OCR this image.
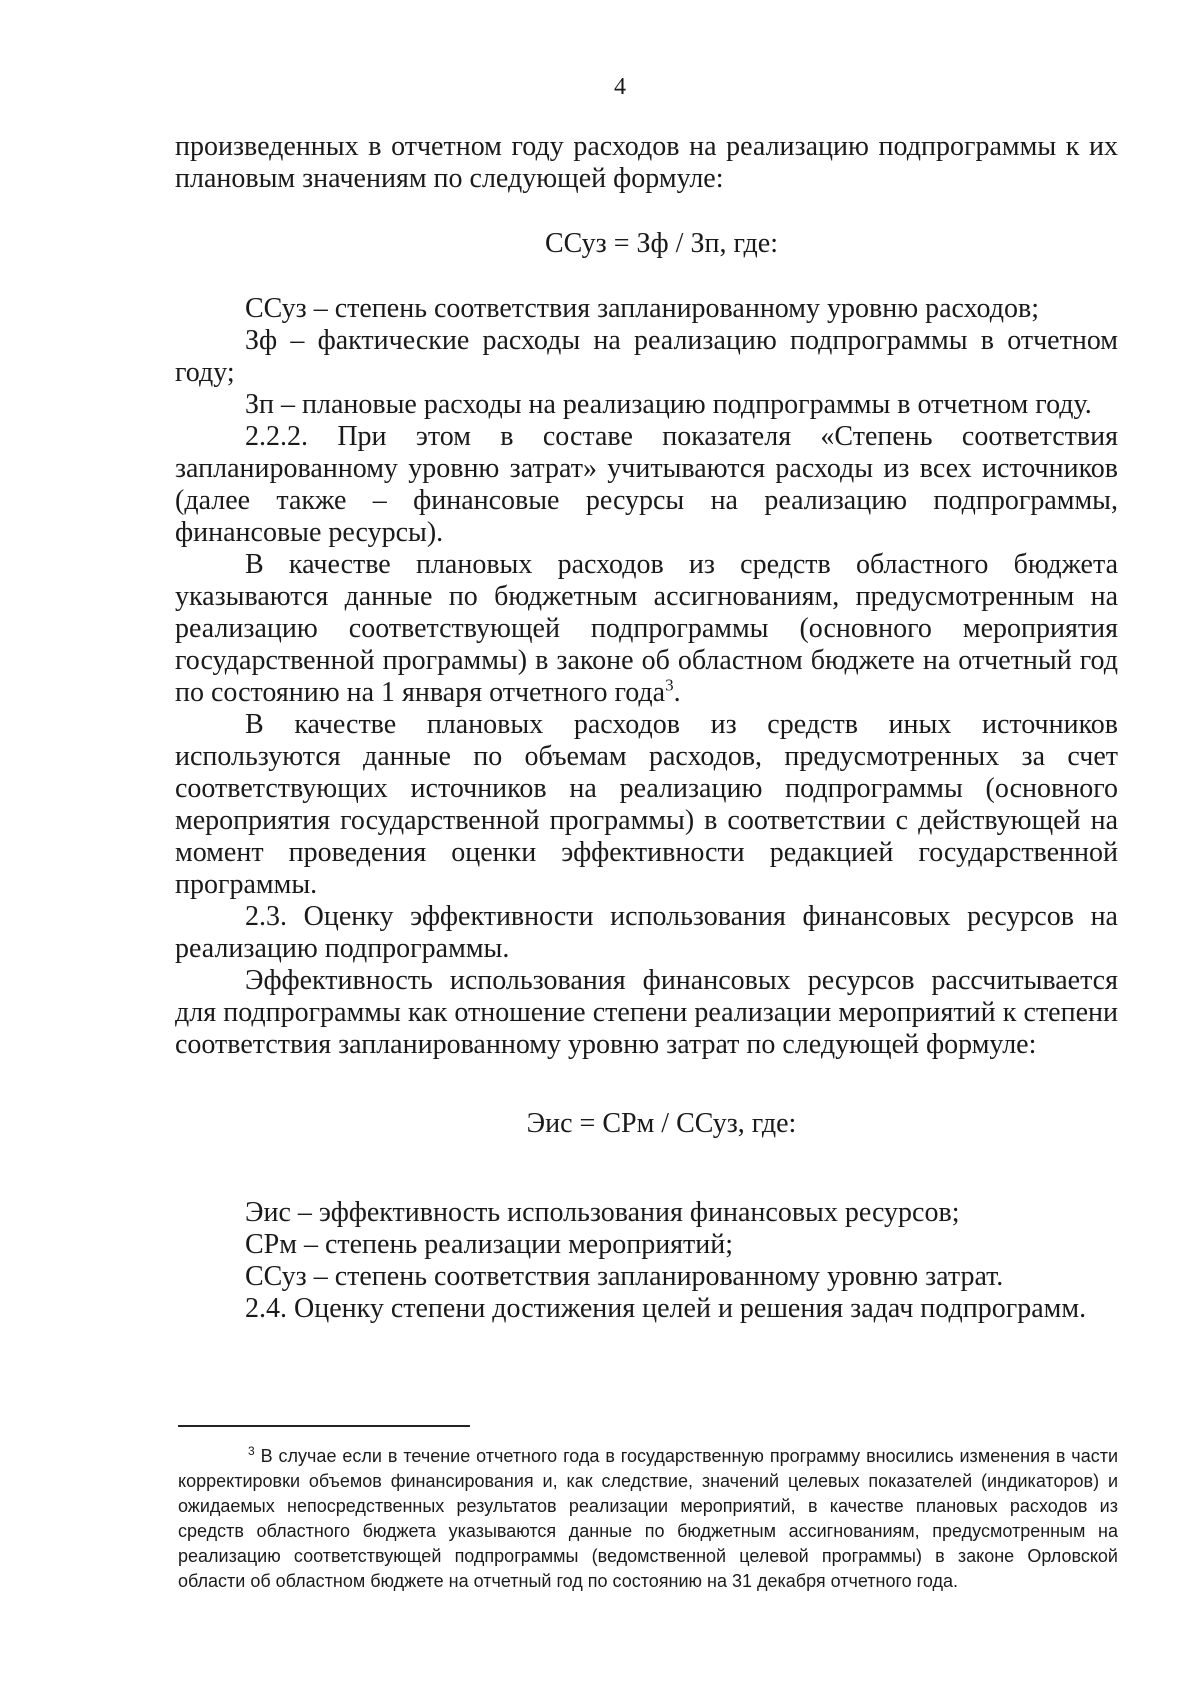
4

произведенных в отчетном году расходов на реализацию подпрограммы к их плановым значениям по следующей формуле:

ССуз = Зф / Зп, где:

ССуз – степень соответствия запланированному уровню расходов;

Зф – фактические расходы на реализацию подпрограммы в отчетном году;

Зп – плановые расходы на реализацию подпрограммы в отчетном году.

2.2.2. При этом в составе показателя «Степень соответствия запланированному уровню затрат» учитываются расходы из всех источников (далее также – финансовые ресурсы на реализацию подпрограммы, финансовые ресурсы).

В качестве плановых расходов из средств областного бюджета указываются данные по бюджетным ассигнованиям, предусмотренным на реализацию соответствующей подпрограммы (основного мероприятия государственной программы) в законе об областном бюджете на отчетный год по состоянию на 1 января отчетного года$^3$.

В качестве плановых расходов из средств иных источников используются данные по объемам расходов, предусмотренных за счет соответствующих источников на реализацию подпрограммы (основного мероприятия государственной программы) в соответствии с действующей на момент проведения оценки эффективности редакцией государственной программы.

2.3. Оценку эффективности использования финансовых ресурсов на реализацию подпрограммы.

Эффективность использования финансовых ресурсов рассчитывается для подпрограммы как отношение степени реализации мероприятий к степени соответствия запланированному уровню затрат по следующей формуле:

Эис = СРм / ССуз, где:

Эис – эффективность использования финансовых ресурсов;

СРм – степень реализации мероприятий;

ССуз – степень соответствия запланированному уровню затрат.

2.4. Оценку степени достижения целей и решения задач подпрограмм.

$^3$ В случае если в течение отчетного года в государственную программу вносились изменения в части корректировки объемов финансирования и, как следствие, значений целевых показателей (индикаторов) и ожидаемых непосредственных результатов реализации мероприятий, в качестве плановых расходов из средств областного бюджета указываются данные по бюджетным ассигнованиям, предусмотренным на реализацию соответствующей подпрограммы (ведомственной целевой программы) в законе Орловской области об областном бюджете на отчетный год по состоянию на 31 декабря отчетного года.
